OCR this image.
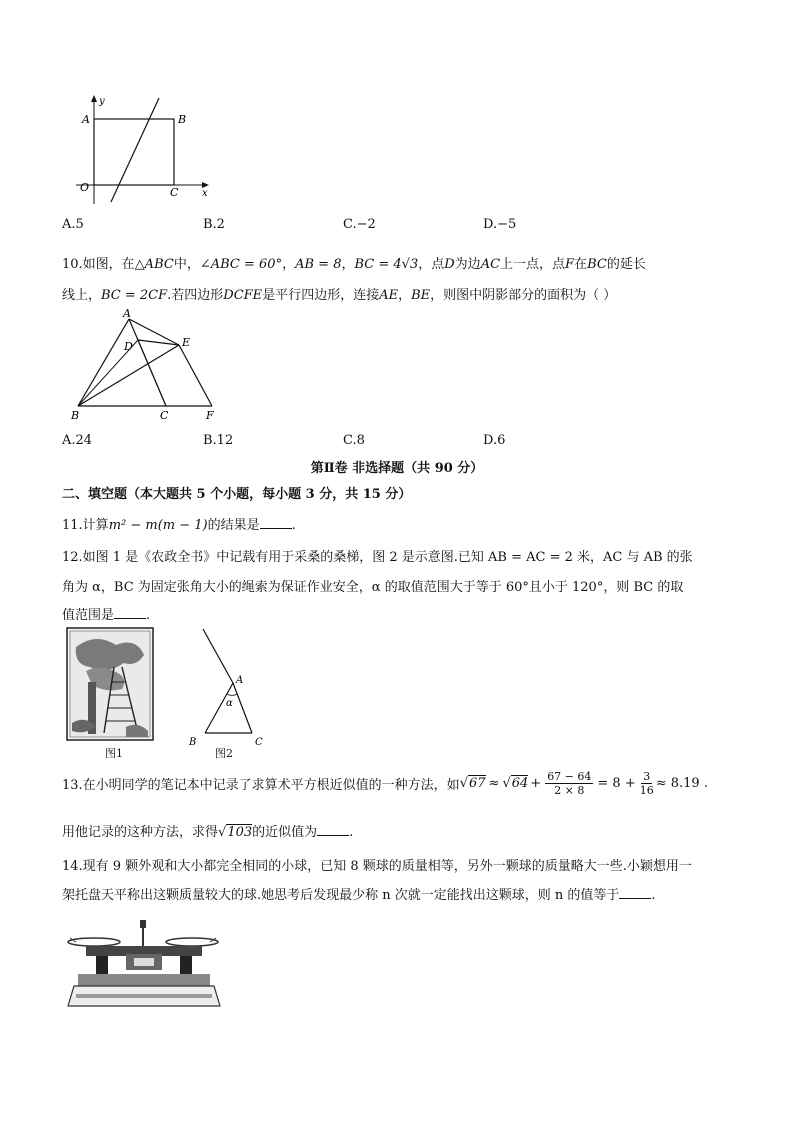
y
x
O
A	B
C
A.5	B.2	C.−2	D.−5
10.如图，在△ABC中，∠ABC = 60°，AB = 8，BC = 4√3，点D为边AC上一点，点F在BC的延长
线上，BC = 2CF.若四边形DCFE是平行四边形，连接AE，BE，则图中阴影部分的面积为（ ）
A
D	E
B	C	F
A.24	B.12	C.8	D.6
第Ⅱ卷 非选择题（共 90 分）
二、填空题（本大题共 5 个小题，每小题 3 分，共 15 分）
11.计算m² − m(m − 1)的结果是 .
12.如图 1 是《农政全书》中记载有用于采桑的桑梯，图 2 是示意图.已知 AB = AC = 2 米，AC 与 AB 的张
角为 α，BC 为固定张角大小的绳索为保证作业安全，α 的取值范围大于等于 60°且小于 120°，则 BC 的取
值范围是 .
图1
A
α
B	C
图2
13.在小明同学的笔记本中记录了求算术平方根近似值的一种方法，如 $√67 \approx √64 + \frac{67 - 64}{2 \times 8} = 8 + \frac{3}{16} \approx 8.19$ .
用他记录的这种方法，求得√103的近似值为 .
14.现有 9 颗外观和大小都完全相同的小球，已知 8 颗球的质量相等，另外一颗球的质量略大一些.小颖想用一
架托盘天平称出这颗质量较大的球.她思考后发现最少称 n 次就一定能找出这颗球，则 n 的值等于 .
